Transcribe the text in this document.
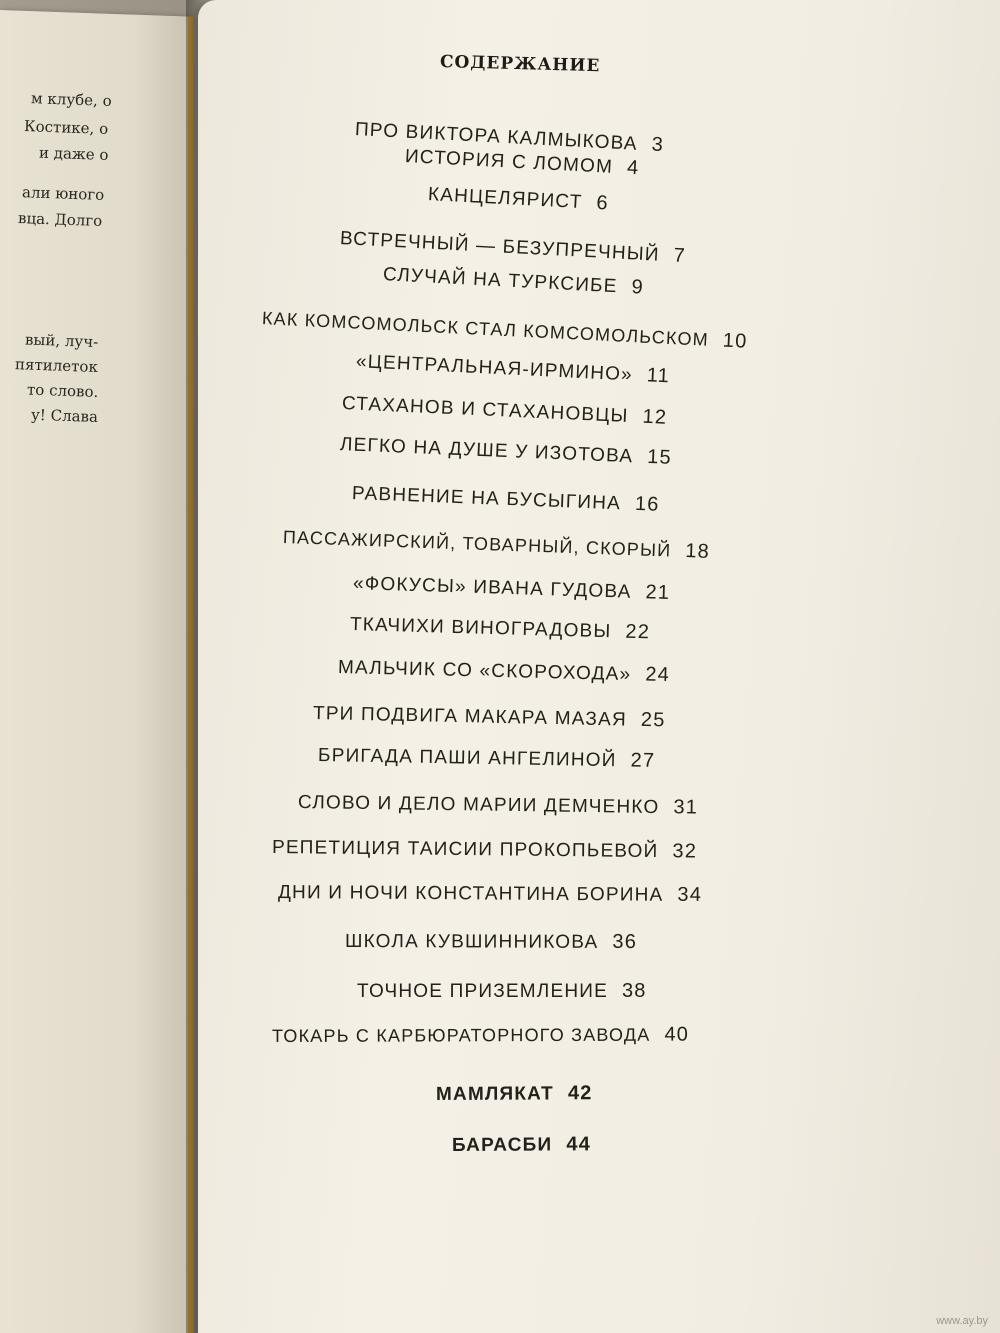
м клубе, о
Костике, о
и даже о
али юного
вца. Долго
вый, луч-
пятилеток
то слово.
у! Слава
СОДЕРЖАНИЕ
ПРО ВИКТОРА КАЛМЫКОВА 3
ИСТОРИЯ С ЛОМОМ 4
КАНЦЕЛЯРИСТ 6
ВСТРЕЧНЫЙ — БЕЗУПРЕЧНЫЙ 7
СЛУЧАЙ НА ТУРКСИБЕ 9
КАК КОМСОМОЛЬСК СТАЛ КОМСОМОЛЬСКОМ 10
«ЦЕНТРАЛЬНАЯ-ИРМИНО» 11
СТАХАНОВ И СТАХАНОВЦЫ 12
ЛЕГКО НА ДУШЕ У ИЗОТОВА 15
РАВНЕНИЕ НА БУСЫГИНА 16
ПАССАЖИРСКИЙ, ТОВАРНЫЙ, СКОРЫЙ 18
«ФОКУСЫ» ИВАНА ГУДОВА 21
ТКАЧИХИ ВИНОГРАДОВЫ 22
МАЛЬЧИК СО «СКОРОХОДА» 24
ТРИ ПОДВИГА МАКАРА МАЗАЯ 25
БРИГАДА ПАШИ АНГЕЛИНОЙ 27
СЛОВО И ДЕЛО МАРИИ ДЕМЧЕНКО 31
РЕПЕТИЦИЯ ТАИСИИ ПРОКОПЬЕВОЙ 32
ДНИ И НОЧИ КОНСТАНТИНА БОРИНА 34
ШКОЛА КУВШИННИКОВА 36
ТОЧНОЕ ПРИЗЕМЛЕНИЕ 38
ТОКАРЬ С КАРБЮРАТОРНОГО ЗАВОДА 40
МАМЛЯКАТ 42
БАРАСБИ 44
www.ay.by
